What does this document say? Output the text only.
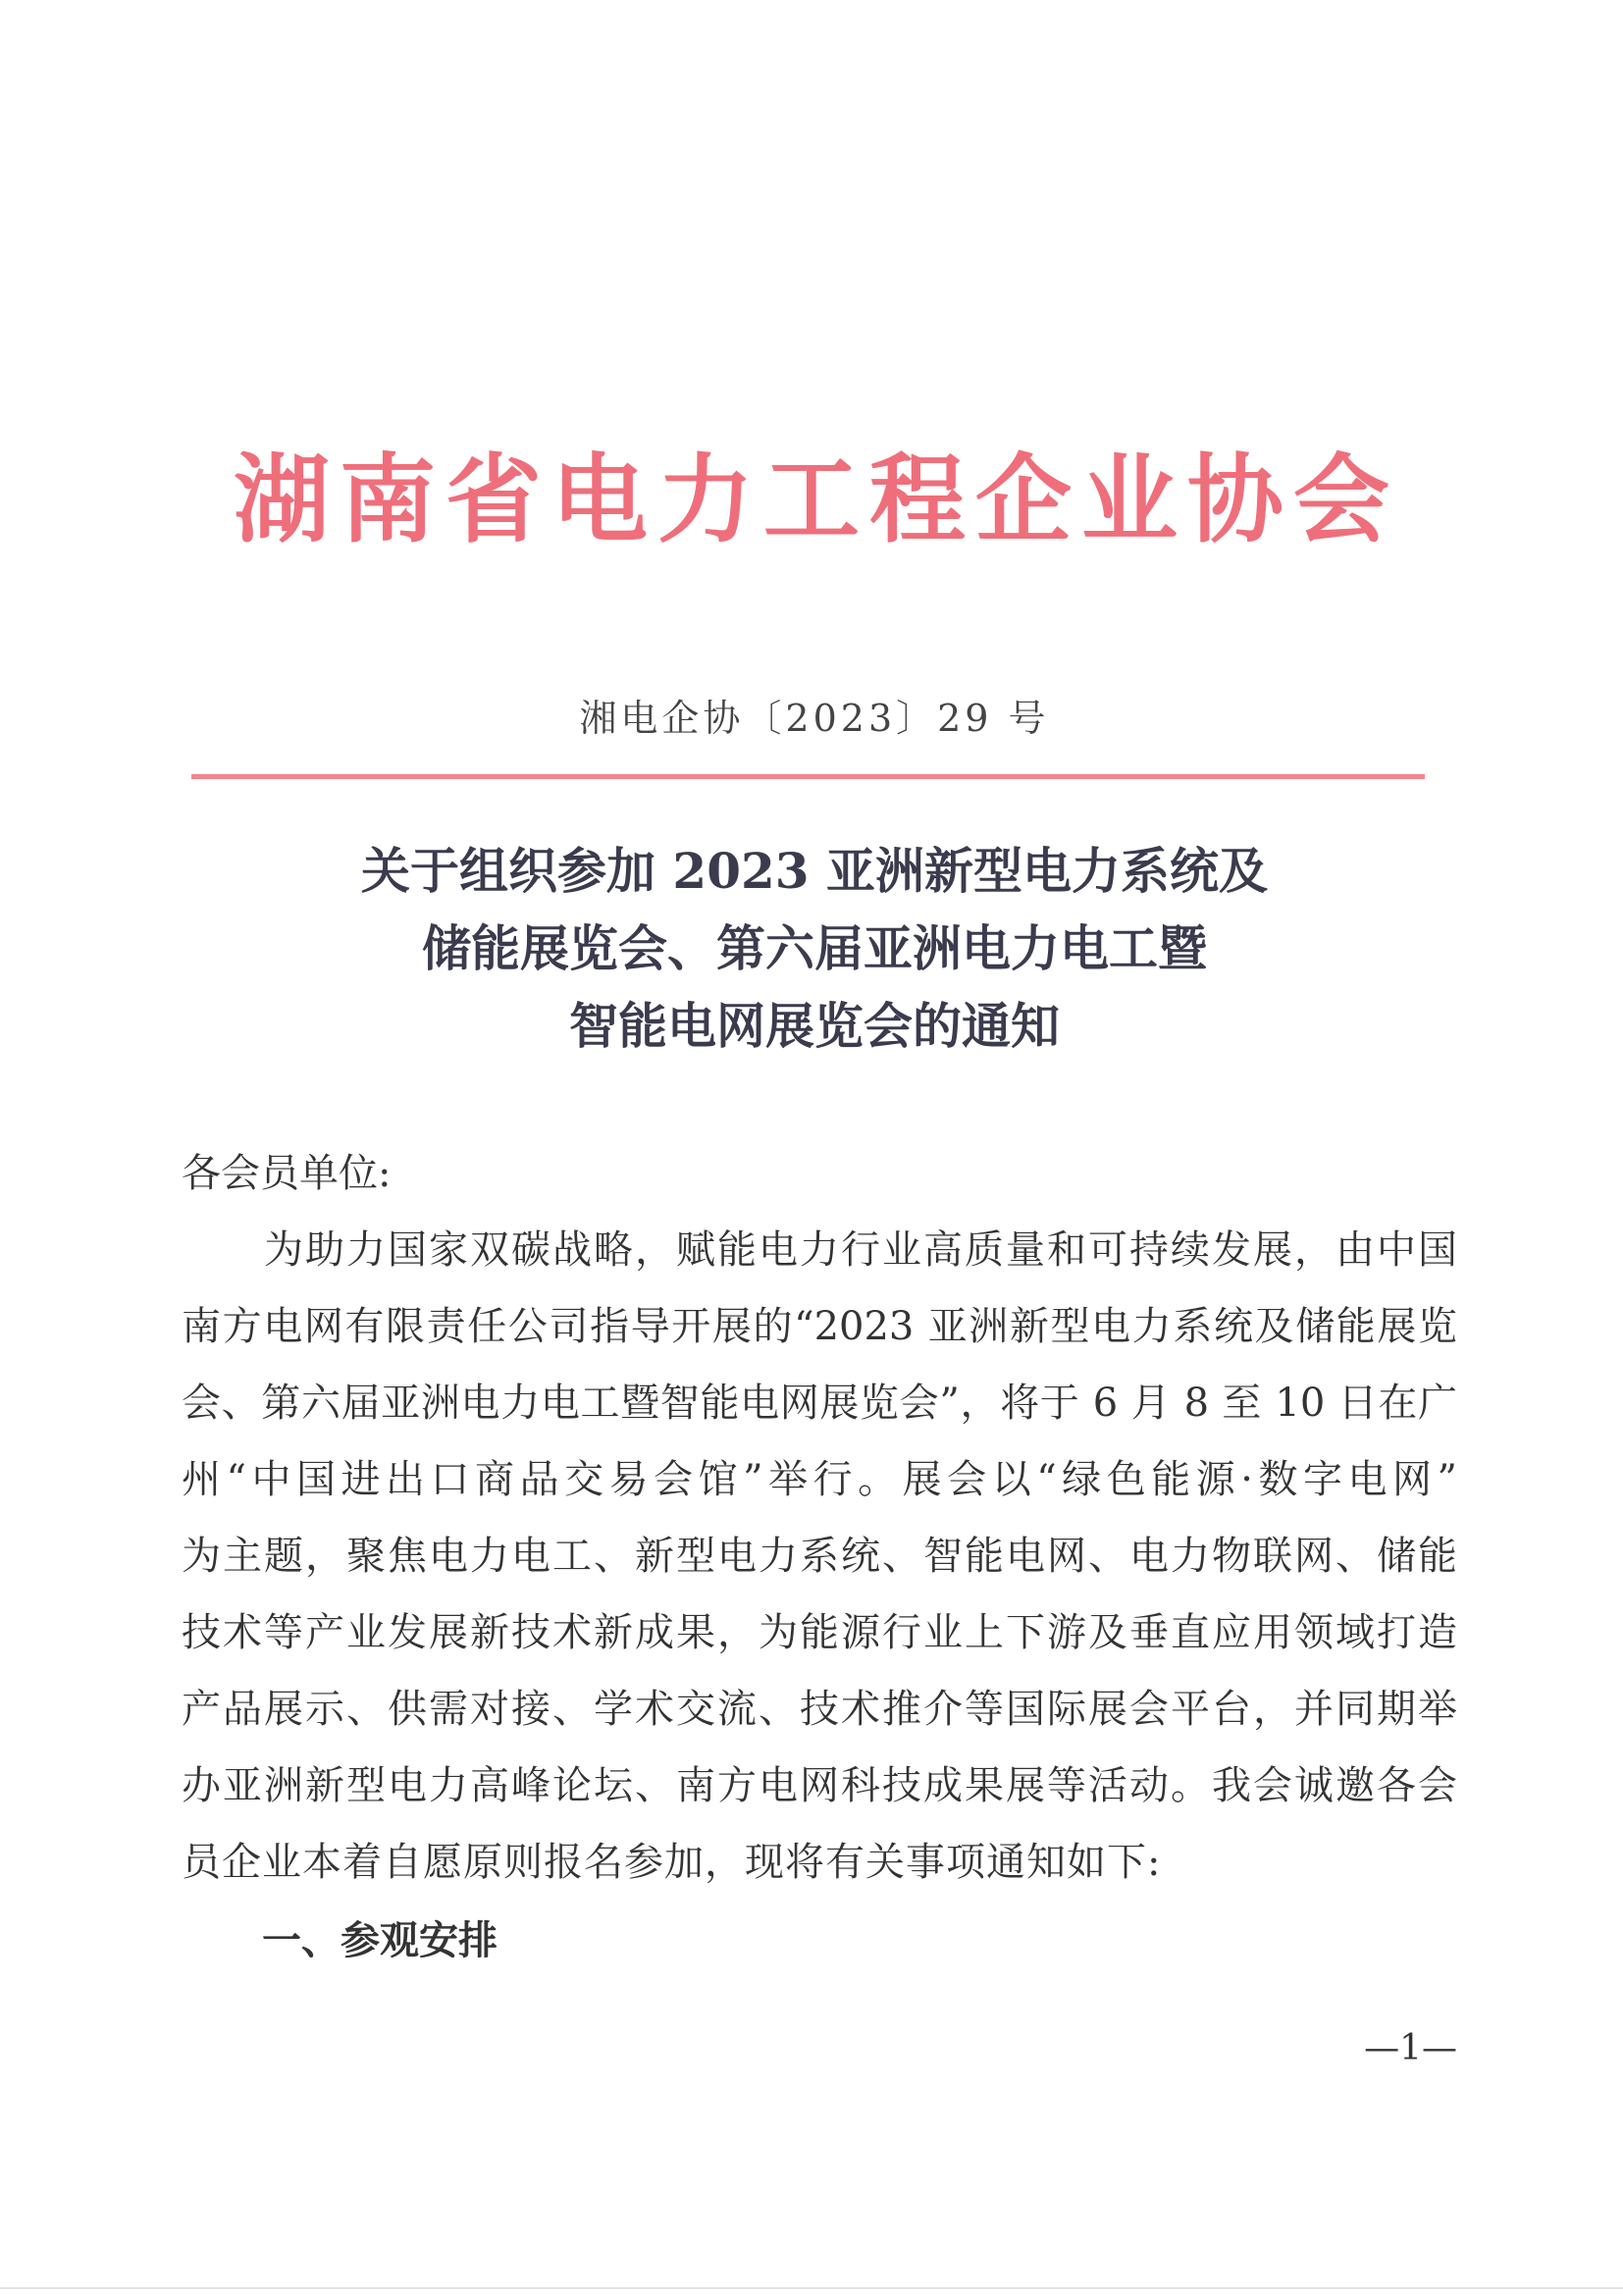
湖南省电力工程企业协会
湘电企协〔2023〕29 号
关于组织参加 2023 亚洲新型电力系统及
储能展览会、第六届亚洲电力电工暨
智能电网展览会的通知
各会员单位:
为助力国家双碳战略，赋能电力行业高质量和可持续发展，由中国
南方电网有限责任公司指导开展的“2023 亚洲新型电力系统及储能展览
会、第六届亚洲电力电工暨智能电网展览会”，将于 6 月 8 至 10 日在广
州“中国进出口商品交易会馆”举行。展会以“绿色能源·数字电网”
为主题，聚焦电力电工、新型电力系统、智能电网、电力物联网、储能
技术等产业发展新技术新成果，为能源行业上下游及垂直应用领域打造
产品展示、供需对接、学术交流、技术推介等国际展会平台，并同期举
办亚洲新型电力高峰论坛、南方电网科技成果展等活动。我会诚邀各会
员企业本着自愿原则报名参加，现将有关事项通知如下:
一、参观安排
—1—
